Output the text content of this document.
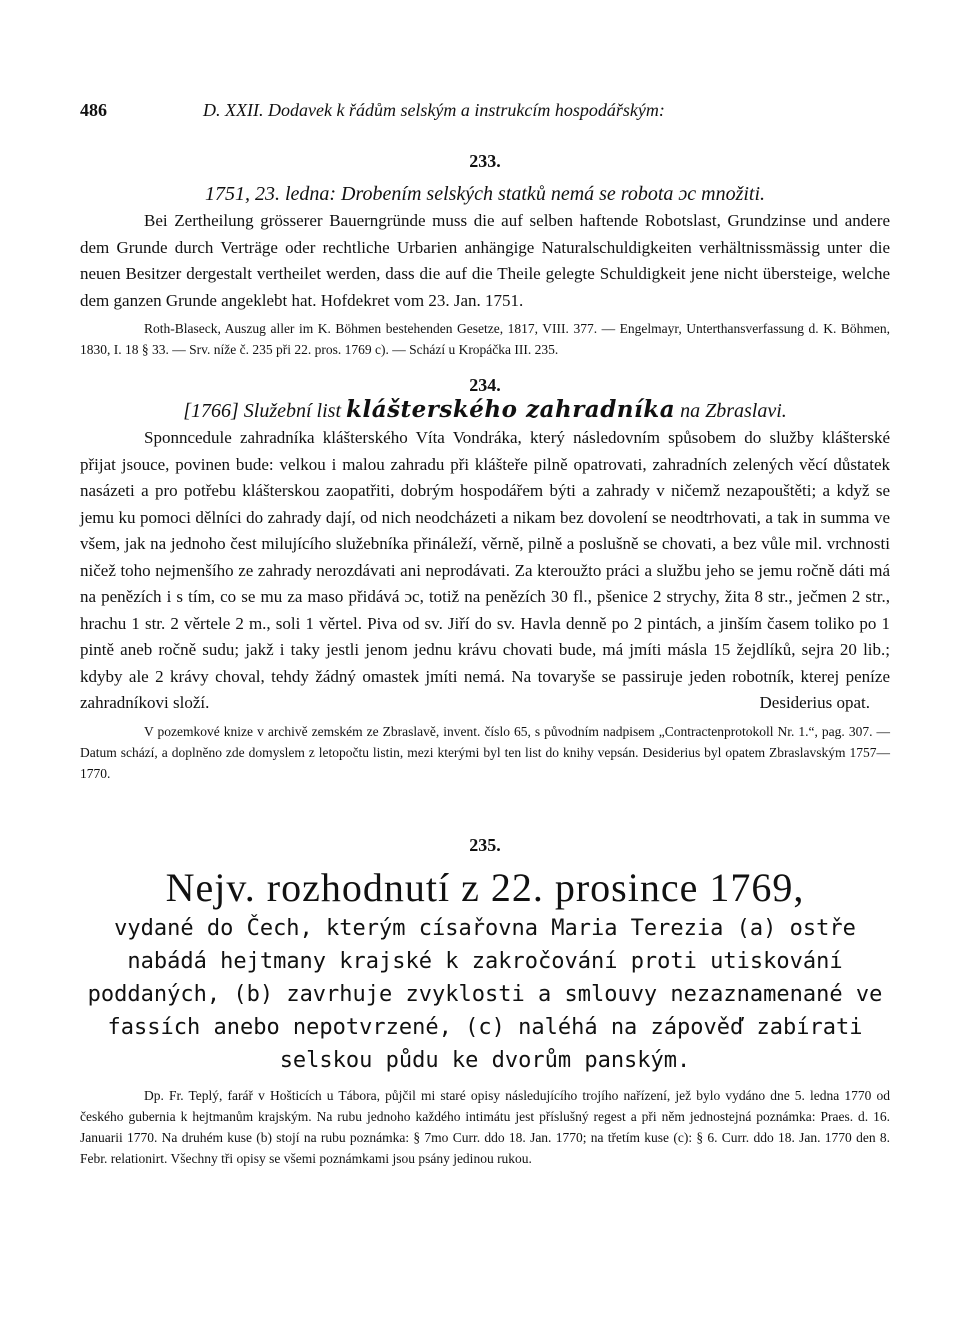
486	D. XXII. Dodavek k řádům selským a instrukcím hospodářským:

233.

1751, 23. ledna: Drobením selských statků nemá se robota ɔc množiti.

Bei Zertheilung grösserer Bauerngründe muss die auf selben haftende Robotslast, Grundzinse und andere dem Grunde durch Verträge oder rechtliche Urbarien anhängige Naturalschuldigkeiten verhältnissmässig unter die neuen Besitzer dergestalt vertheilet werden, dass die auf die Theile gelegte Schuldigkeit jene nicht übersteige, welche dem ganzen Grunde angeklebt hat. Hofdekret vom 23. Jan. 1751.

Roth-Blaseck, Auszug aller im K. Böhmen bestehenden Gesetze, 1817, VIII. 377. — Engelmayr, Unterthansverfassung d. K. Böhmen, 1830, I. 18 § 33. — Srv. níže č. 235 při 22. pros. 1769 c). — Schází u Kropáčka III. 235.

234.

[1766] Služební list klášterského zahradníka na Zbraslavi.

Sponncedule zahradníka klášterského Víta Vondráka, který následovním spůsobem do služby klášterské přijat jsouce, povinen bude: velkou i malou zahradu při klášteře pilně opatrovati, zahradních zelených věcí důstatek nasázeti a pro potřebu klášterskou zaopatřiti, dobrým hospodářem býti a zahrady v ničemž nezapouštěti; a když se jemu ku pomoci dělníci do zahrady dají, od nich neodcházeti a nikam bez dovolení se neodtrhovati, a tak in summa ve všem, jak na jednoho čest milujícího služebníka přináleží, věrně, pilně a poslušně se chovati, a bez vůle mil. vrchnosti ničež toho nejmenšího ze zahrady nerozdávati ani neprodávati. Za kteroužto práci a službu jeho se jemu ročně dáti má na penězích i s tím, co se mu za maso přidává ɔc, totiž na penězích 30 fl., pšenice 2 strychy, žita 8 str., ječmen 2 str., hrachu 1 str. 2 věrtele 2 m., soli 1 věrtel. Piva od sv. Jiří do sv. Havla denně po 2 pintách, a jinším časem toliko po 1 pintě aneb ročně sudu; jakž i taky jestli jenom jednu krávu chovati bude, má jmíti másla 15 žejdlíků, sejra 20 lib.; kdyby ale 2 krávy choval, tehdy žádný omastek jmíti nemá. Na tovaryše se passiruje jeden robotník, kterej peníze zahradníkovi složí.	Desiderius opat.

V pozemkové knize v archivě zemském ze Zbraslavě, invent. číslo 65, s původním nadpisem „Contractenprotokoll Nr. 1.“, pag. 307. — Datum schází, a doplněno zde domyslem z letopočtu listin, mezi kterými byl ten list do knihy vepsán. Desiderius byl opatem Zbraslavským 1757—1770.

235.

Nejv. rozhodnutí z 22. prosince 1769,

vydané do Čech, kterým císařovna Maria Terezia (a) ostře nabádá hejtmany krajské k zakročování proti utiskování poddaných, (b) zavrhuje zvyklosti a smlouvy nezaznamenané ve fassích anebo nepotvrzené, (c) naléhá na zápověď zabírati selskou půdu ke dvorům panským.

Dp. Fr. Teplý, farář v Hošticích u Tábora, půjčil mi staré opisy následujícího trojího nařízení, jež bylo vydáno dne 5. ledna 1770 od českého gubernia k hejtmanům krajským. Na rubu jednoho každého intimátu jest příslušný regest a při něm jednostejná poznámka: Praes. d. 16. Januarii 1770. Na druhém kuse (b) stojí na rubu poznámka: § 7mo Curr. ddo 18. Jan. 1770; na třetím kuse (c): § 6. Curr. ddo 18. Jan. 1770 den 8. Febr. relationirt. Všechny tři opisy se všemi poznámkami jsou psány jedinou rukou.
